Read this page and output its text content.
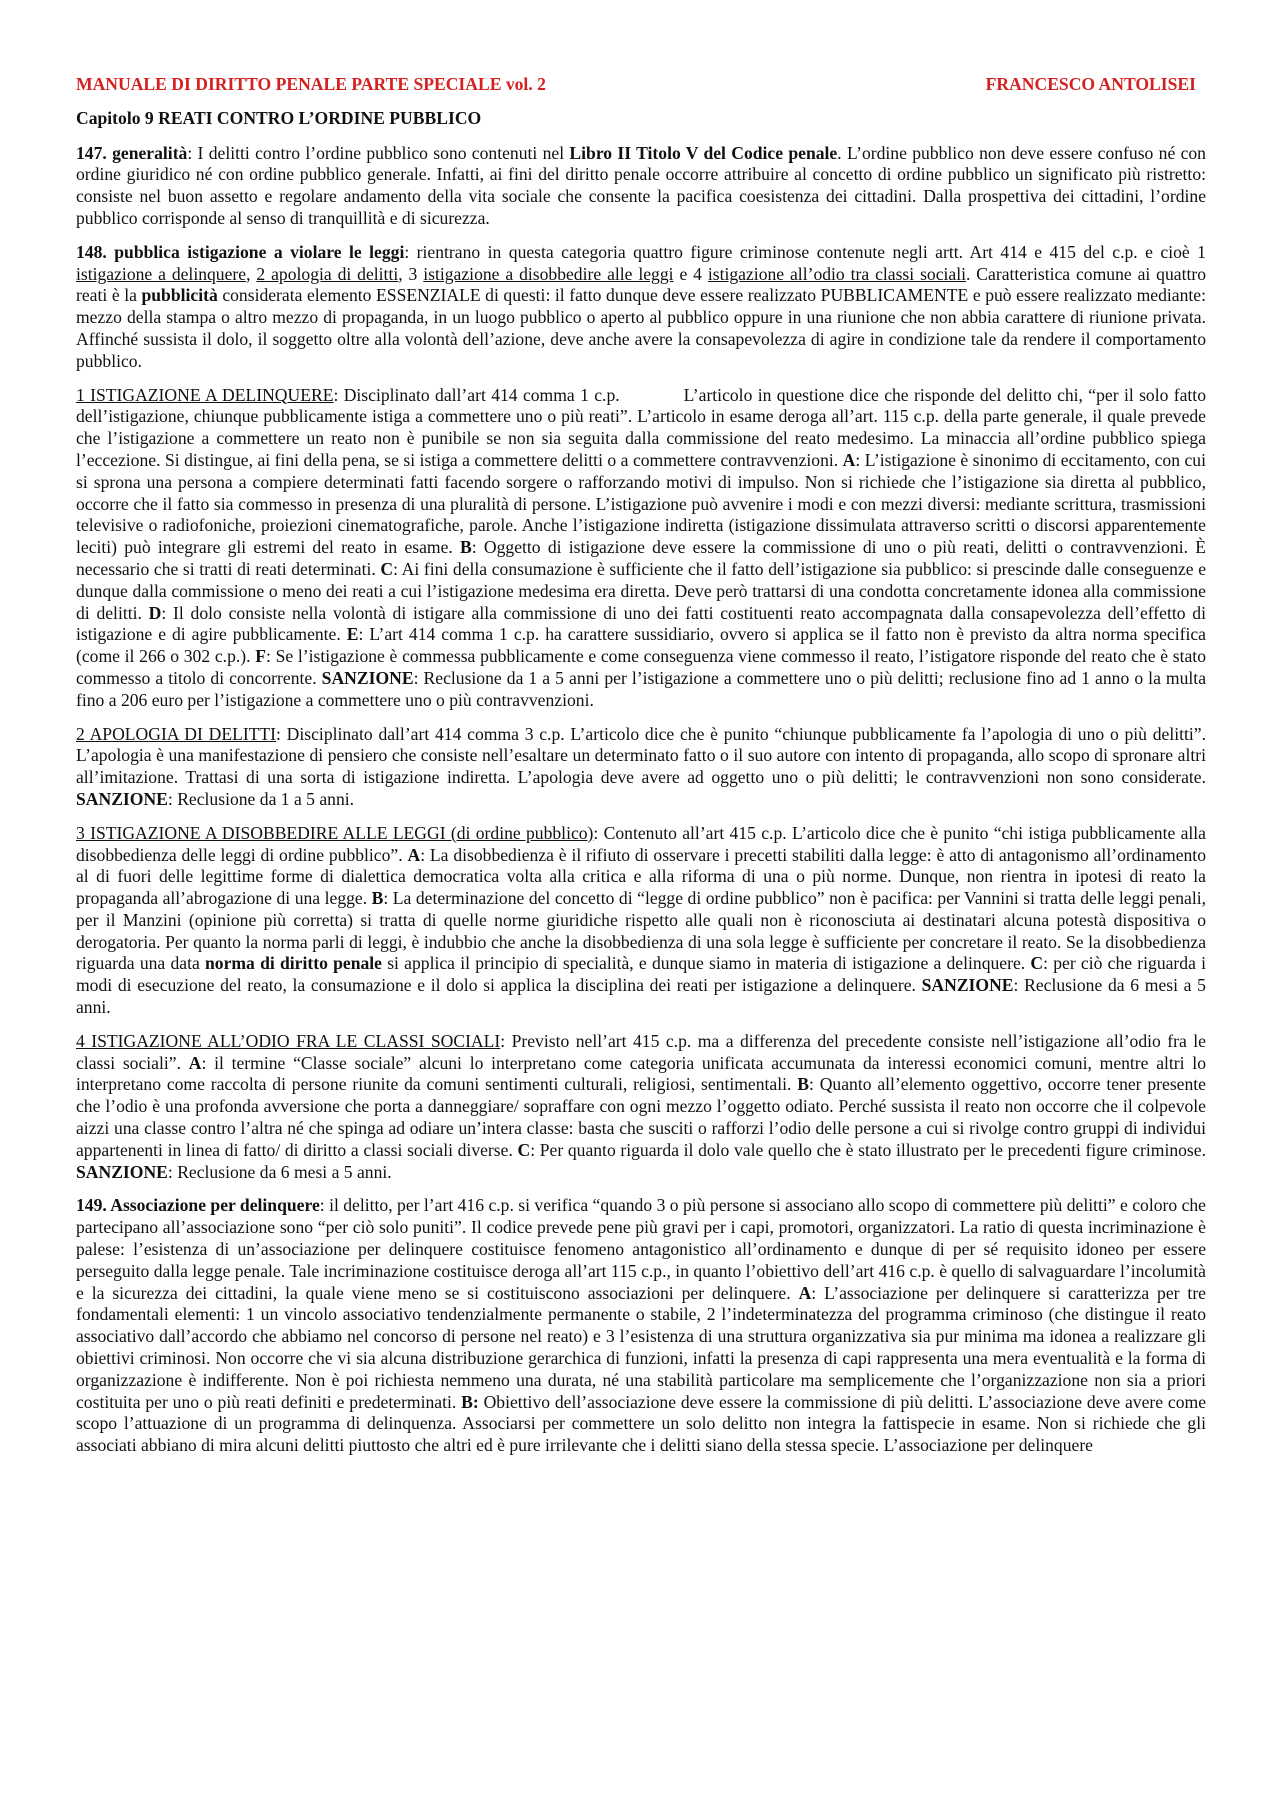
MANUALE DI DIRITTO PENALE PARTE SPECIALE vol. 2	FRANCESCO ANTOLISEI
Capitolo 9 REATI CONTRO L’ORDINE PUBBLICO

147. generalità: I delitti contro l’ordine pubblico sono contenuti nel Libro II Titolo V del Codice penale. L’ordine pubblico non deve essere confuso né con ordine giuridico né con ordine pubblico generale. Infatti, ai fini del diritto penale occorre attribuire al concetto di ordine pubblico un significato più ristretto: consiste nel buon assetto e regolare andamento della vita sociale che consente la pacifica coesistenza dei cittadini. Dalla prospettiva dei cittadini, l’ordine pubblico corrisponde al senso di tranquillità e di sicurezza.

148. pubblica istigazione a violare le leggi: rientrano in questa categoria quattro figure criminose contenute negli artt. Art 414 e 415 del c.p. e cioè 1 istigazione a delinquere, 2 apologia di delitti, 3 istigazione a disobbedire alle leggi e 4 istigazione all’odio tra classi sociali. Caratteristica comune ai quattro reati è la pubblicità considerata elemento ESSENZIALE di questi: il fatto dunque deve essere realizzato PUBBLICAMENTE e può essere realizzato mediante: mezzo della stampa o altro mezzo di propaganda, in un luogo pubblico o aperto al pubblico oppure in una riunione che non abbia carattere di riunione privata. Affinché sussista il dolo, il soggetto oltre alla volontà dell’azione, deve anche avere la consapevolezza di agire in condizione tale da rendere il comportamento pubblico.

1 ISTIGAZIONE A DELINQUERE: Disciplinato dall’art 414 comma 1 c.p.	L’articolo in questione dice che risponde del delitto chi, “per il solo fatto dell’istigazione, chiunque pubblicamente istiga a commettere uno o più reati”. L’articolo in esame deroga all’art. 115 c.p. della parte generale, il quale prevede che l’istigazione a commettere un reato non è punibile se non sia seguita dalla commissione del reato medesimo. La minaccia all’ordine pubblico spiega l’eccezione. Si distingue, ai fini della pena, se si istiga a commettere delitti o a commettere contravvenzioni. A: L’istigazione è sinonimo di eccitamento, con cui si sprona una persona a compiere determinati fatti facendo sorgere o rafforzando motivi di impulso. Non si richiede che l’istigazione sia diretta al pubblico, occorre che il fatto sia commesso in presenza di una pluralità di persone. L’istigazione può avvenire i modi e con mezzi diversi: mediante scrittura, trasmissioni televisive o radiofoniche, proiezioni cinematografiche, parole. Anche l’istigazione indiretta (istigazione dissimulata attraverso scritti o discorsi apparentemente leciti) può integrare gli estremi del reato in esame. B: Oggetto di istigazione deve essere la commissione di uno o più reati, delitti o contravvenzioni. È necessario che si tratti di reati determinati. C: Ai fini della consumazione è sufficiente che il fatto dell’istigazione sia pubblico: si prescinde dalle conseguenze e dunque dalla commissione o meno dei reati a cui l’istigazione medesima era diretta. Deve però trattarsi di una condotta concretamente idonea alla commissione di delitti. D: Il dolo consiste nella volontà di istigare alla commissione di uno dei fatti costituenti reato accompagnata dalla consapevolezza dell’effetto di istigazione e di agire pubblicamente. E: L’art 414 comma 1 c.p. ha carattere sussidiario, ovvero si applica se il fatto non è previsto da altra norma specifica (come il 266 o 302 c.p.). F: Se l’istigazione è commessa pubblicamente e come conseguenza viene commesso il reato, l’istigatore risponde del reato che è stato commesso a titolo di concorrente. SANZIONE: Reclusione da 1 a 5 anni per l’istigazione a commettere uno o più delitti; reclusione fino ad 1 anno o la multa fino a 206 euro per l’istigazione a commettere uno o più contravvenzioni.

2 APOLOGIA DI DELITTI: Disciplinato dall’art 414 comma 3 c.p. L’articolo dice che è punito “chiunque pubblicamente fa l’apologia di uno o più delitti”. L’apologia è una manifestazione di pensiero che consiste nell’esaltare un determinato fatto o il suo autore con intento di propaganda, allo scopo di spronare altri all’imitazione. Trattasi di una sorta di istigazione indiretta. L’apologia deve avere ad oggetto uno o più delitti; le contravvenzioni non sono considerate. SANZIONE: Reclusione da 1 a 5 anni.

3 ISTIGAZIONE A DISOBBEDIRE ALLE LEGGI (di ordine pubblico): Contenuto all’art 415 c.p. L’articolo dice che è punito “chi istiga pubblicamente alla disobbedienza delle leggi di ordine pubblico”. A: La disobbedienza è il rifiuto di osservare i precetti stabiliti dalla legge: è atto di antagonismo all’ordinamento al di fuori delle legittime forme di dialettica democratica volta alla critica e alla riforma di una o più norme. Dunque, non rientra in ipotesi di reato la propaganda all’abrogazione di una legge. B: La determinazione del concetto di “legge di ordine pubblico” non è pacifica: per Vannini si tratta delle leggi penali, per il Manzini (opinione più corretta) si tratta di quelle norme giuridiche rispetto alle quali non è riconosciuta ai destinatari alcuna potestà dispositiva o derogatoria. Per quanto la norma parli di leggi, è indubbio che anche la disobbedienza di una sola legge è sufficiente per concretare il reato. Se la disobbedienza riguarda una data norma di diritto penale si applica il principio di specialità, e dunque siamo in materia di istigazione a delinquere. C: per ciò che riguarda i modi di esecuzione del reato, la consumazione e il dolo si applica la disciplina dei reati per istigazione a delinquere. SANZIONE: Reclusione da 6 mesi a 5 anni.

4 ISTIGAZIONE ALL’ODIO FRA LE CLASSI SOCIALI: Previsto nell’art 415 c.p. ma a differenza del precedente consiste nell’istigazione all’odio fra le classi sociali”. A: il termine “Classe sociale” alcuni lo interpretano come categoria unificata accumunata da interessi economici comuni, mentre altri lo interpretano come raccolta di persone riunite da comuni sentimenti culturali, religiosi, sentimentali. B: Quanto all’elemento oggettivo, occorre tener presente che l’odio è una profonda avversione che porta a danneggiare/ sopraffare con ogni mezzo l’oggetto odiato. Perché sussista il reato non occorre che il colpevole aizzi una classe contro l’altra né che spinga ad odiare un’intera classe: basta che susciti o rafforzi l’odio delle persone a cui si rivolge contro gruppi di individui appartenenti in linea di fatto/ di diritto a classi sociali diverse. C: Per quanto riguarda il dolo vale quello che è stato illustrato per le precedenti figure criminose. SANZIONE: Reclusione da 6 mesi a 5 anni.

149. Associazione per delinquere: il delitto, per l’art 416 c.p. si verifica “quando 3 o più persone si associano allo scopo di commettere più delitti” e coloro che partecipano all’associazione sono “per ciò solo puniti”. Il codice prevede pene più gravi per i capi, promotori, organizzatori. La ratio di questa incriminazione è palese: l’esistenza di un’associazione per delinquere costituisce fenomeno antagonistico all’ordinamento e dunque di per sé requisito idoneo per essere perseguito dalla legge penale. Tale incriminazione costituisce deroga all’art 115 c.p., in quanto l’obiettivo dell’art 416 c.p. è quello di salvaguardare l’incolumità e la sicurezza dei cittadini, la quale viene meno se si costituiscono associazioni per delinquere. A: L’associazione per delinquere si caratterizza per tre fondamentali elementi: 1 un vincolo associativo tendenzialmente permanente o stabile, 2 l’indeterminatezza del programma criminoso (che distingue il reato associativo dall’accordo che abbiamo nel concorso di persone nel reato) e 3 l’esistenza di una struttura organizzativa sia pur minima ma idonea a realizzare gli obiettivi criminosi. Non occorre che vi sia alcuna distribuzione gerarchica di funzioni, infatti la presenza di capi rappresenta una mera eventualità e la forma di organizzazione è indifferente. Non è poi richiesta nemmeno una durata, né una stabilità particolare ma semplicemente che l’organizzazione non sia a priori costituita per uno o più reati definiti e predeterminati. B: Obiettivo dell’associazione deve essere la commissione di più delitti. L’associazione deve avere come scopo l’attuazione di un programma di delinquenza. Associarsi per commettere un solo delitto non integra la fattispecie in esame. Non si richiede che gli associati abbiano di mira alcuni delitti piuttosto che altri ed è pure irrilevante che i delitti siano della stessa specie. L’associazione per delinquere
